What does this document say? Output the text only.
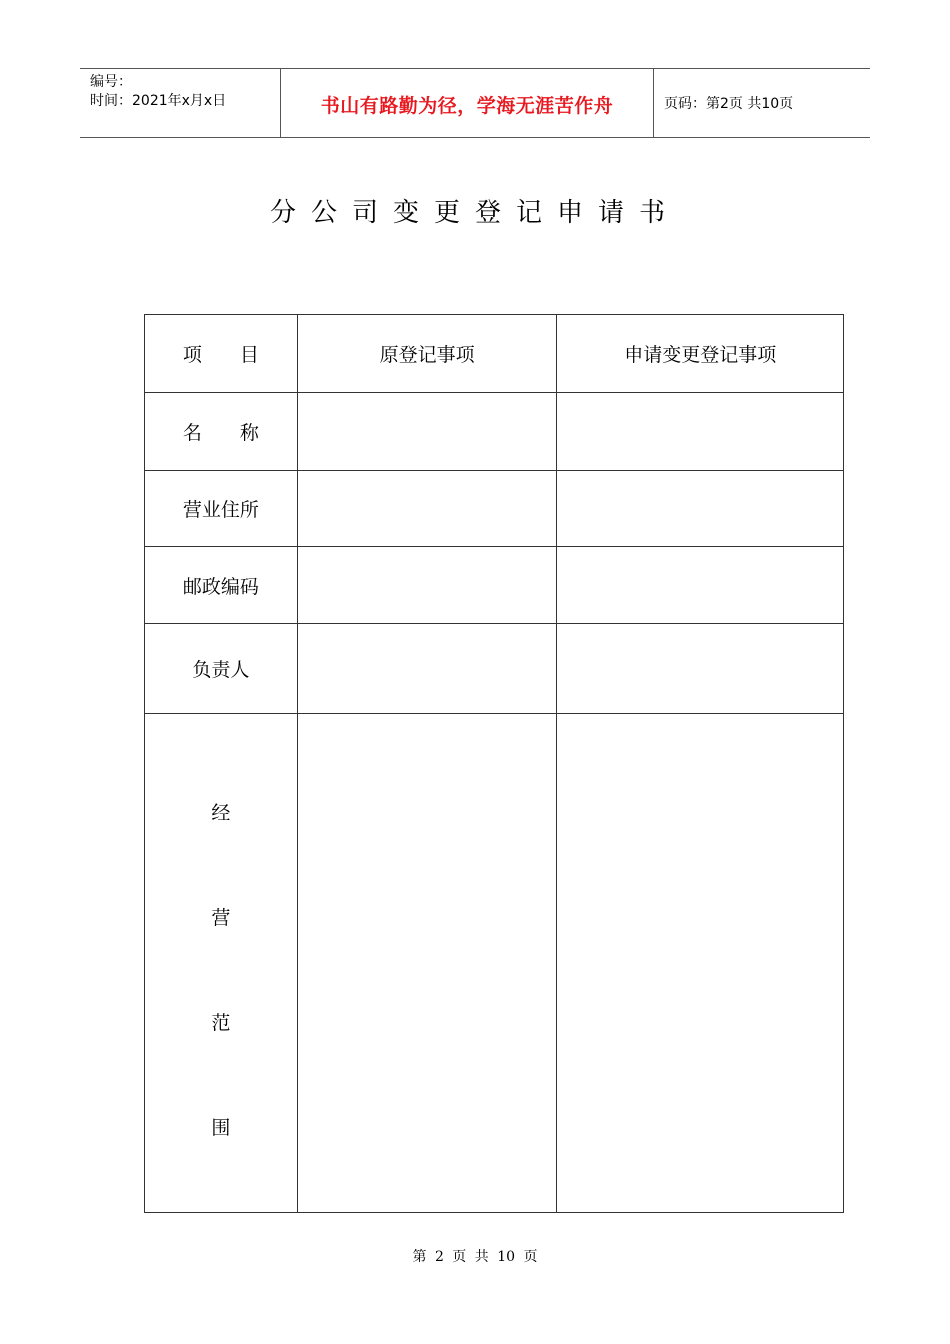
编号：
时间：2021年x月x日	书山有路勤为径，学海无涯苦作舟	页码：第2页 共10页
分公司变更登记申请书
项　　目	原登记事项	申请变更登记事项
名　　称		
营业住所		
邮政编码		
负责人		

经
营
范
围		

第 2 页 共 10 页
